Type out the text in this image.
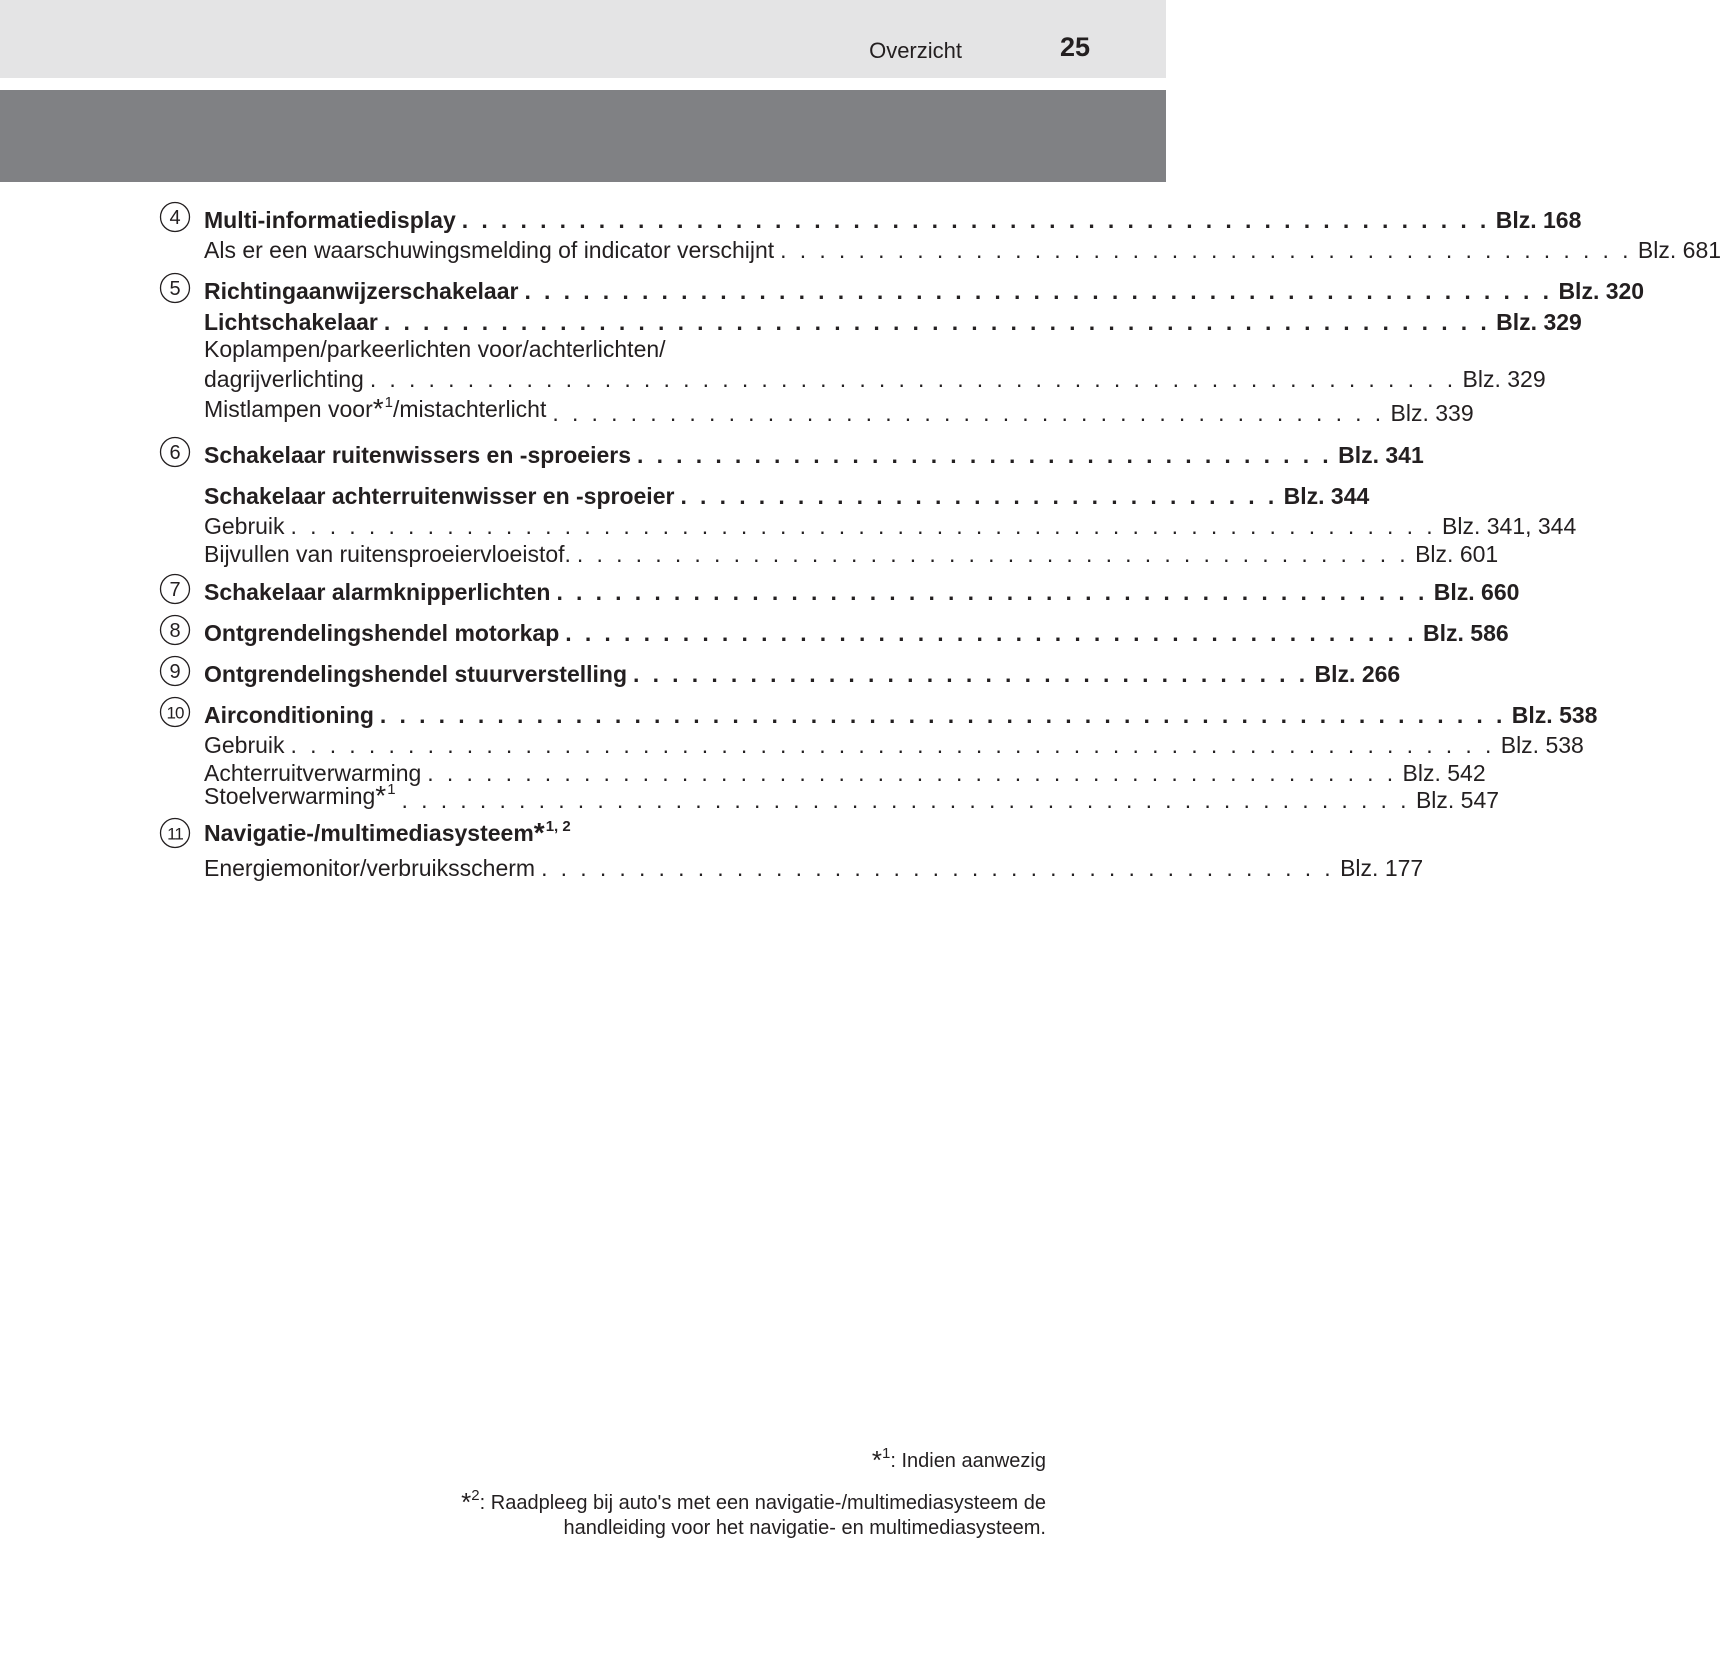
Overzicht	25
4 Multi-informatiedisplay . . . . . . . . . . . . . . . . . . . . . . . . . . . . . . . . . . . . . . . . . . . . . . . . . . . . . Blz. 168
Als er een waarschuwingsmelding of indicator verschijnt . . . . . . . . . . . . . . . . . . . . . . . . . . . . . . . . . . . . . . . . . . . . Blz. 681
5 Richtingaanwijzerschakelaar . . . . . . . . . . . . . . . . . . . . . . . . . . . . . . . . . . . . . . . . . . . . . . . . . . . . . Blz. 320
Lichtschakelaar . . . . . . . . . . . . . . . . . . . . . . . . . . . . . . . . . . . . . . . . . . . . . . . . . . . . . . . . . Blz. 329
Koplampen/parkeerlichten voor/achterlichten/
dagrijverlichting . . . . . . . . . . . . . . . . . . . . . . . . . . . . . . . . . . . . . . . . . . . . . . . . . . . . . . . . Blz. 329
Mistlampen voor*$^1$/mistachterlicht . . . . . . . . . . . . . . . . . . . . . . . . . . . . . . . . . . . . . . . . . . . Blz. 339
6 Schakelaar ruitenwissers en -sproeiers . . . . . . . . . . . . . . . . . . . . . . . . . . . . . . . . . . . . Blz. 341
Schakelaar achterruitenwisser en -sproeier . . . . . . . . . . . . . . . . . . . . . . . . . . . . . . . Blz. 344
Gebruik . . . . . . . . . . . . . . . . . . . . . . . . . . . . . . . . . . . . . . . . . . . . . . . . . . . . . . . . . . . Blz. 341, 344
Bijvullen van ruitensproeiervloeistof. . . . . . . . . . . . . . . . . . . . . . . . . . . . . . . . . . . . . . . . . . . . Blz. 601
7 Schakelaar alarmknipperlichten . . . . . . . . . . . . . . . . . . . . . . . . . . . . . . . . . . . . . . . . . . . . . Blz. 660
8 Ontgrendelingshendel motorkap . . . . . . . . . . . . . . . . . . . . . . . . . . . . . . . . . . . . . . . . . . . . Blz. 586
9 Ontgrendelingshendel stuurverstelling . . . . . . . . . . . . . . . . . . . . . . . . . . . . . . . . . . . Blz. 266
10 Airconditioning . . . . . . . . . . . . . . . . . . . . . . . . . . . . . . . . . . . . . . . . . . . . . . . . . . . . . . . . . . Blz. 538
Gebruik . . . . . . . . . . . . . . . . . . . . . . . . . . . . . . . . . . . . . . . . . . . . . . . . . . . . . . . . . . . . . . Blz. 538
Achterruitverwarming . . . . . . . . . . . . . . . . . . . . . . . . . . . . . . . . . . . . . . . . . . . . . . . . . . Blz. 542
Stoelverwarming*$^1$ . . . . . . . . . . . . . . . . . . . . . . . . . . . . . . . . . . . . . . . . . . . . . . . . . . . . Blz. 547
11 Navigatie-/multimediasysteem*$^{1, 2}$
Energiemonitor/verbruiksscherm . . . . . . . . . . . . . . . . . . . . . . . . . . . . . . . . . . . . . . . . . Blz. 177
*$^1$: Indien aanwezig
*$^2$: Raadpleeg bij auto's met een navigatie-/multimediasysteem de
handleiding voor het navigatie- en multimediasysteem.
